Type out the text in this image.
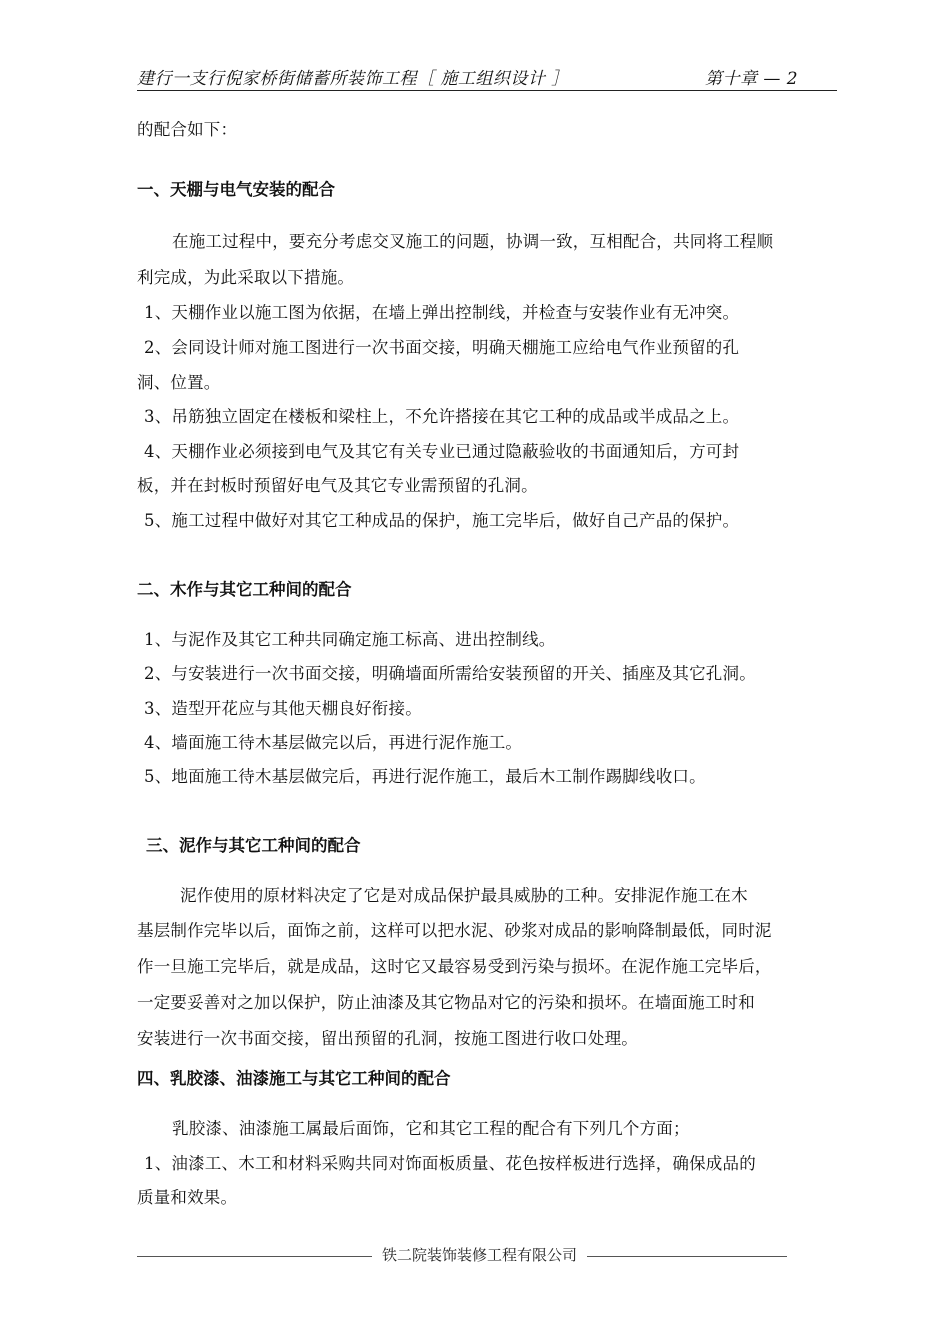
建行一支行倪家桥街储蓄所装饰工程［ 施工组织设计 ］	第十章 — 2
的配合如下：
一、天棚与电气安装的配合
在施工过程中，要充分考虑交叉施工的问题，协调一致，互相配合，共同将工程顺
利完成，为此采取以下措施。
1、天棚作业以施工图为依据，在墙上弹出控制线，并检查与安装作业有无冲突。
2、会同设计师对施工图进行一次书面交接，明确天棚施工应给电气作业预留的孔
洞、位置。
3、吊筋独立固定在楼板和梁柱上，不允许搭接在其它工种的成品或半成品之上。
4、天棚作业必须接到电气及其它有关专业已通过隐蔽验收的书面通知后，方可封
板，并在封板时预留好电气及其它专业需预留的孔洞。
5、施工过程中做好对其它工种成品的保护，施工完毕后，做好自己产品的保护。
二、木作与其它工种间的配合
1、与泥作及其它工种共同确定施工标高、进出控制线。
2、与安装进行一次书面交接，明确墙面所需给安装预留的开关、插座及其它孔洞。
3、造型开花应与其他天棚良好衔接。
4、墙面施工待木基层做完以后，再进行泥作施工。
5、地面施工待木基层做完后，再进行泥作施工，最后木工制作踢脚线收口。
三、泥作与其它工种间的配合
泥作使用的原材料决定了它是对成品保护最具威胁的工种。安排泥作施工在木
基层制作完毕以后，面饰之前，这样可以把水泥、砂浆对成品的影响降制最低，同时泥
作一旦施工完毕后，就是成品，这时它又最容易受到污染与损坏。在泥作施工完毕后，
一定要妥善对之加以保护，防止油漆及其它物品对它的污染和损坏。在墙面施工时和
安装进行一次书面交接，留出预留的孔洞，按施工图进行收口处理。
四、乳胶漆、油漆施工与其它工种间的配合
乳胶漆、油漆施工属最后面饰，它和其它工程的配合有下列几个方面；
1、油漆工、木工和材料采购共同对饰面板质量、花色按样板进行选择，确保成品的
质量和效果。
铁二院装饰装修工程有限公司
